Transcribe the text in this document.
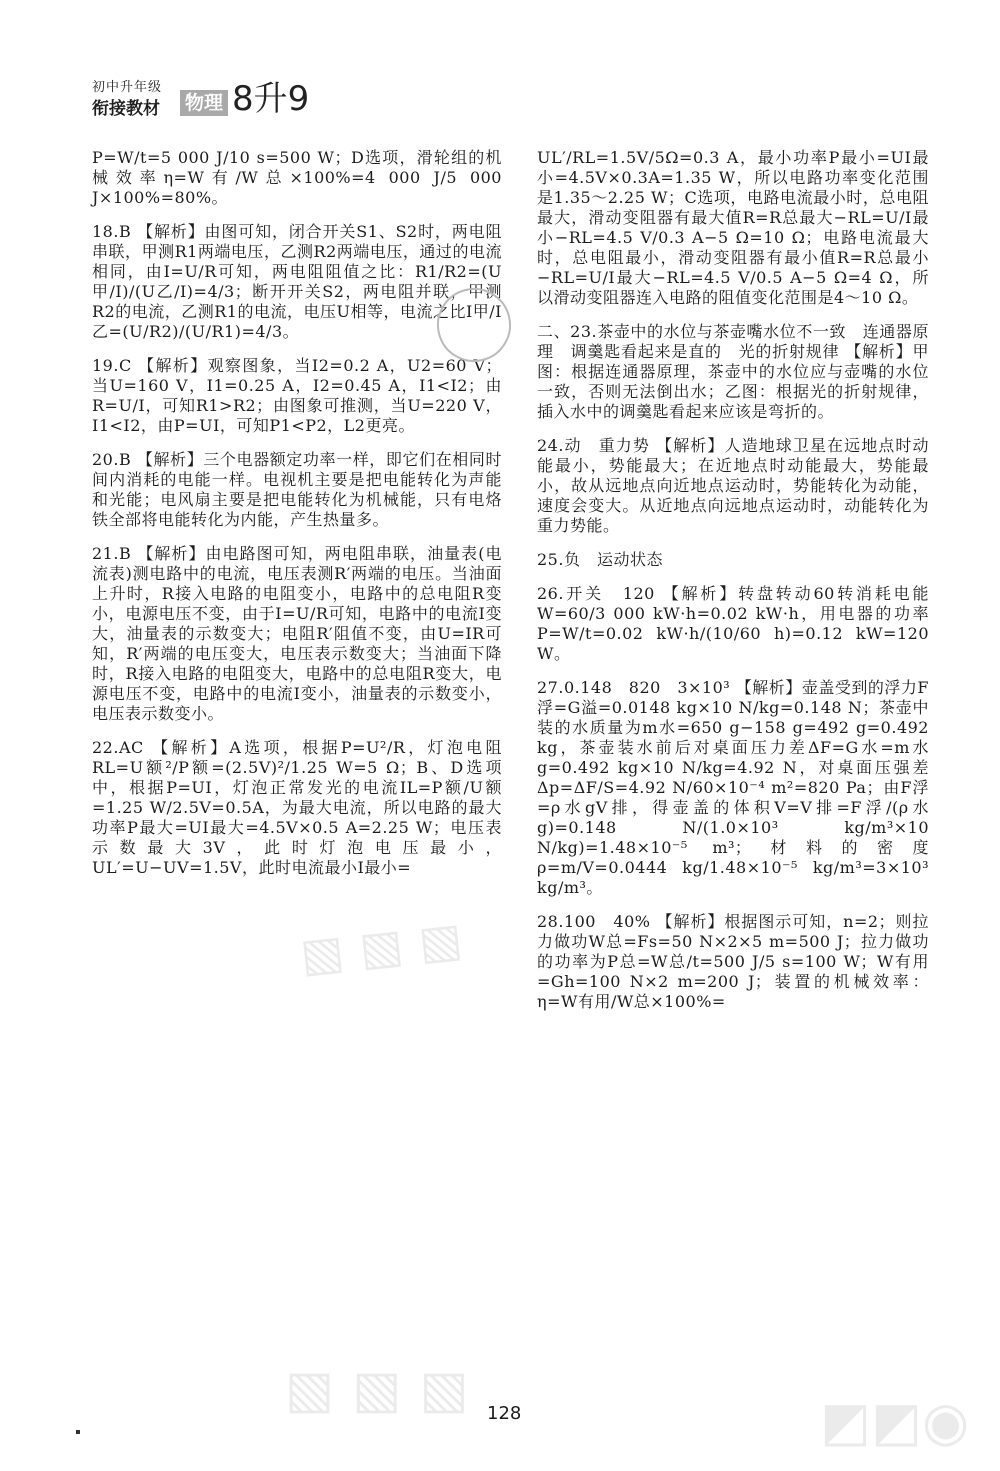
初中升年级
衔接教材 物理 8升9

P=W/t=5 000 J/10 s=500 W；D选项，滑轮组的机械效率η=W有/W总×100%=4 000 J/5 000 J×100%=80%。

18.B 【解析】由图可知，闭合开关S1、S2时，两电阻串联，甲测R1两端电压，乙测R2两端电压，通过的电流相同，由I=U/R可知，两电阻阻值之比：R1/R2=(U甲/I)/(U乙/I)=4/3；断开开关S2，两电阻并联，甲测R2的电流，乙测R1的电流，电压U相等，电流之比I甲/I乙=(U/R2)/(U/R1)=4/3。

19.C 【解析】观察图象，当I2=0.2 A，U2=60 V；当U=160 V，I1=0.25 A，I2=0.45 A，I1<I2；由R=U/I，可知R1>R2；由图象可推测，当U=220 V，I1<I2，由P=UI，可知P1<P2，L2更亮。

20.B 【解析】三个电器额定功率一样，即它们在相同时间内消耗的电能一样。电视机主要是把电能转化为声能和光能；电风扇主要是把电能转化为机械能，只有电烙铁全部将电能转化为内能，产生热量多。

21.B 【解析】由电路图可知，两电阻串联，油量表(电流表)测电路中的电流，电压表测R′两端的电压。当油面上升时，R接入电路的电阻变小，电路中的总电阻R变小，电源电压不变，由于I=U/R可知，电路中的电流I变大，油量表的示数变大；电阻R′阻值不变，由U=IR可知，R′两端的电压变大，电压表示数变大；当油面下降时，R接入电路的电阻变大，电路中的总电阻R变大，电源电压不变，电路中的电流I变小，油量表的示数变小，电压表示数变小。

22.AC 【解析】A选项，根据P=U²/R，灯泡电阻RL=U额²/P额=(2.5V)²/1.25 W=5 Ω；B、D选项中，根据P=UI，灯泡正常发光的电流IL=P额/U额=1.25 W/2.5V=0.5A，为最大电流，所以电路的最大功率P最大=UI最大=4.5V×0.5 A=2.25 W；电压表示数最大3V，此时灯泡电压最小，UL′=U−UV=1.5V，此时电流最小I最小=

UL′/RL=1.5V/5Ω=0.3 A，最小功率P最小=UI最小=4.5V×0.3A=1.35 W，所以电路功率变化范围是1.35～2.25 W；C选项，电路电流最小时，总电阻最大，滑动变阻器有最大值R=R总最大−RL=U/I最小−RL=4.5 V/0.3 A−5 Ω=10 Ω；电路电流最大时，总电阻最小，滑动变阻器有最小值R=R总最小−RL=U/I最大−RL=4.5 V/0.5 A−5 Ω=4 Ω，所以滑动变阻器连入电路的阻值变化范围是4～10 Ω。

二、23.茶壶中的水位与茶壶嘴水位不一致　连通器原理　调羹匙看起来是直的　光的折射规律 【解析】甲图：根据连通器原理，茶壶中的水位应与壶嘴的水位一致，否则无法倒出水；乙图：根据光的折射规律，插入水中的调羹匙看起来应该是弯折的。

24.动　重力势 【解析】人造地球卫星在远地点时动能最小，势能最大；在近地点时动能最大，势能最小，故从远地点向近地点运动时，势能转化为动能，速度会变大。从近地点向远地点运动时，动能转化为重力势能。

25.负　运动状态

26.开关　120 【解析】转盘转动60转消耗电能W=60/3 000 kW·h=0.02 kW·h，用电器的功率P=W/t=0.02 kW·h/(10/60 h)=0.12 kW=120 W。

27.0.148　820　3×10³ 【解析】壶盖受到的浮力F浮=G溢=0.0148 kg×10 N/kg=0.148 N；茶壶中装的水质量为m水=650 g−158 g=492 g=0.492 kg，茶壶装水前后对桌面压力差ΔF=G水=m水g=0.492 kg×10 N/kg=4.92 N，对桌面压强差Δp=ΔF/S=4.92 N/60×10⁻⁴ m²=820 Pa；由F浮=ρ水gV排，得壶盖的体积V=V排=F浮/(ρ水g)=0.148 N/(1.0×10³ kg/m³×10 N/kg)=1.48×10⁻⁵ m³；材料的密度ρ=m/V=0.0444 kg/1.48×10⁻⁵ kg/m³=3×10³ kg/m³。

28.100　40% 【解析】根据图示可知，n=2；则拉力做功W总=Fs=50 N×2×5 m=500 J；拉力做功的功率为P总=W总/t=500 J/5 s=100 W；W有用=Gh=100 N×2 m=200 J；装置的机械效率：η=W有用/W总×100%=

▧ ▧ ▧
▧ ▧ ▧	◩◩◉
128
